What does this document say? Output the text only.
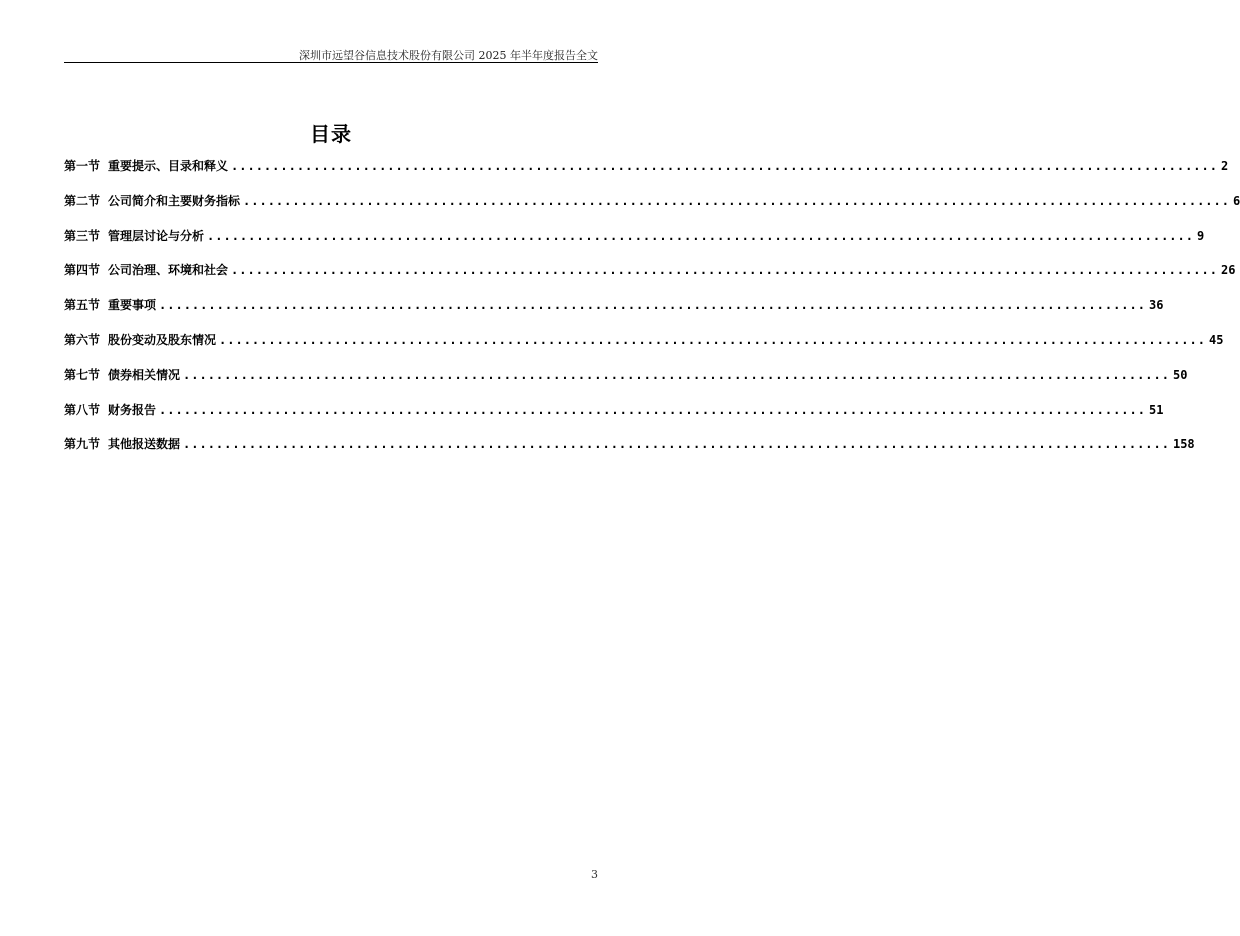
深圳市远望谷信息技术股份有限公司 2025 年半年度报告全文
目录
第一节 重要提示、目录和释义 ........................................................................................................................ 2
第二节 公司简介和主要财务指标 ........................................................................................................................ 6
第三节 管理层讨论与分析 ........................................................................................................................ 9
第四节 公司治理、环境和社会 ........................................................................................................................ 26
第五节 重要事项 ........................................................................................................................ 36
第六节 股份变动及股东情况 ........................................................................................................................ 45
第七节 债券相关情况 ........................................................................................................................ 50
第八节 财务报告 ........................................................................................................................ 51
第九节 其他报送数据 ........................................................................................................................ 158
3
